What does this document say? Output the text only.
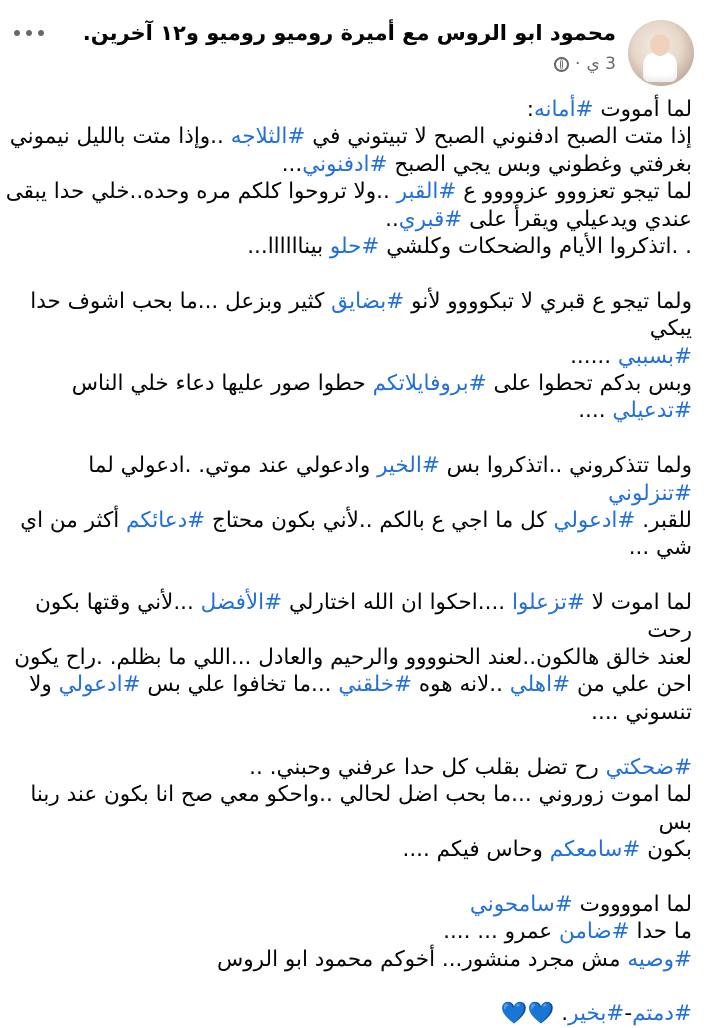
محمود ابو الروس مع أميرة روميو روميو و١٢ آخرين.
3 ي
·

لما أمووت #أمانه:

إذا متت الصبح ادفنوني الصبح لا تبيتوني في #الثلاجه ..وإذا متت بالليل نيموني

بغرفتي وغطوني وبس يجي الصبح #ادفنوني...

لما تيجو تعزووو عزوووو ع #القبر ..ولا تروحوا كلكم مره وحده..خلي حدا يبقى

عندي ويدعيلي ويقرأ على #قبري..

. .اتذكروا الأيام والضحكات وكلشي #حلو بيناااااا...

ولما تيجو ع قبري لا تبكوووو لأنو #بضايق كثير وبزعل ...ما بحب اشوف حدا يبكي

#بسببي ......

وبس بدكم تحطوا على #بروفايلاتكم حطوا صور عليها دعاء خلي الناس

#تدعيلي ....

ولما تتذكروني ..اتذكروا بس #الخير وادعولي عند موتي. .ادعولي لما #تنزلوني

للقبر. #ادعولي كل ما اجي ع بالكم ..لأني بكون محتاج #دعائكم أكثر من اي

شي ...

لما اموت لا #تزعلوا ....احكوا ان الله اختارلي #الأفضل ...لأني وقتها بكون رحت

لعند خالق هالكون..لعند الحنوووو والرحيم والعادل ...اللي ما بظلم. .راح يكون

احن علي من #اهلي ..لانه هوه #خلقني ...ما تخافوا علي بس #ادعولي ولا

تنسوني ....

#ضحكتي رح تضل بقلب كل حدا عرفني وحبني. ..

لما اموت زوروني ...ما بحب اضل لحالي ..واحكو معي صح انا بكون عند ربنا بس

بكون #سامعكم وحاس فيكم ....

لما امووووت #سامحوني

ما حدا #ضامن عمرو ... ....

#وصيه مش مجرد منشور... أخوكم محمود ابو الروس

#دمتم-#بخير. 💙💙
